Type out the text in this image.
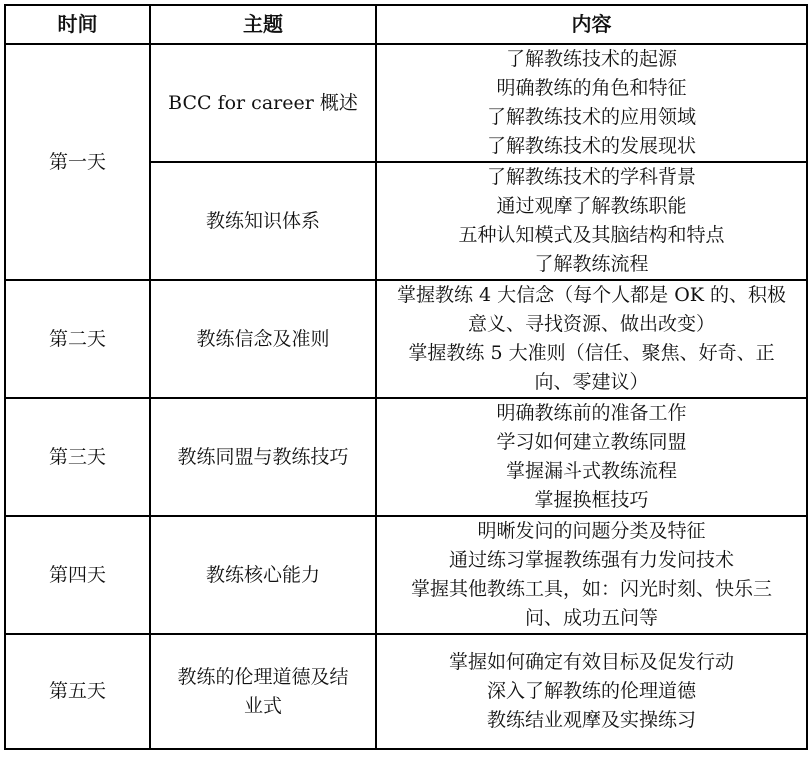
时间	主题	内容
第一天	BCC for career 概述	了解教练技术的起源
明确教练的角色和特征
了解教练技术的应用领域
了解教练技术的发展现状

	教练知识体系	了解教练技术的学科背景
通过观摩了解教练职能
五种认知模式及其脑结构和特点
了解教练流程

第二天	教练信念及准则	掌握教练 4 大信念（每个人都是 OK 的、积极
意义、寻找资源、做出改变）
掌握教练 5 大准则（信任、聚焦、好奇、正
向、零建议）

第三天	教练同盟与教练技巧	明确教练前的准备工作
学习如何建立教练同盟
掌握漏斗式教练流程
掌握换框技巧

第四天	教练核心能力	明晰发问的问题分类及特征
通过练习掌握教练强有力发问技术
掌握其他教练工具，如：闪光时刻、快乐三
问、成功五问等

第五天	教练的伦理道德及结
业式	掌握如何确定有效目标及促发行动
深入了解教练的伦理道德
教练结业观摩及实操练习
